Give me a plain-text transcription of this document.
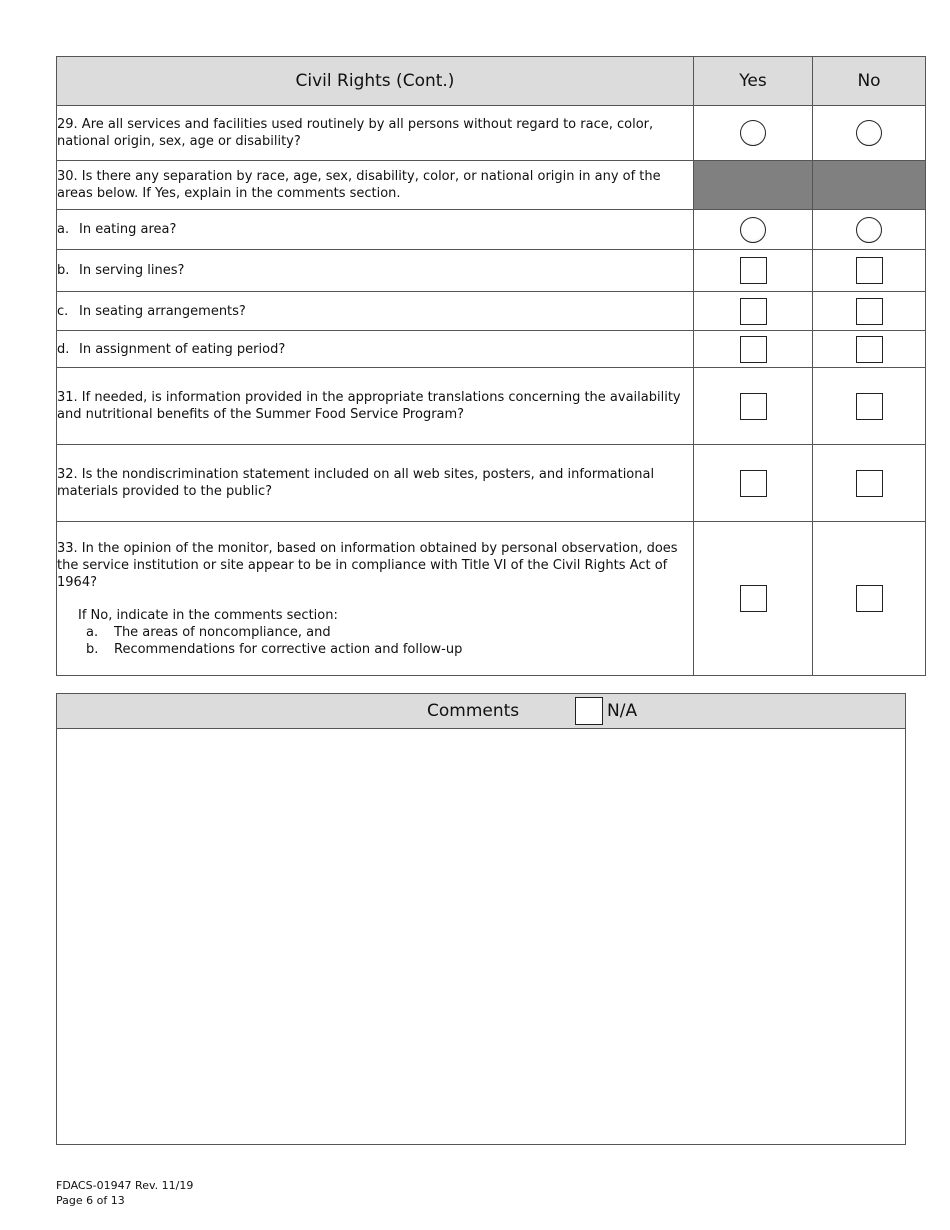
Civil Rights (Cont.)	Yes	No
29. Are all services and facilities used routinely by all persons without regard to race, color, national origin, sex, age or disability?		
30. Is there any separation by race, age, sex, disability, color, or national origin in any of the areas below. If Yes, explain in the comments section.		
a. In eating area?		
b. In serving lines?		
c. In seating arrangements?		
d. In assignment of eating period?		
31. If needed, is information provided in the appropriate translations concerning the availability and nutritional benefits of the Summer Food Service Program?		
32. Is the nondiscrimination statement included on all web sites, posters, and informational materials provided to the public?		

33. In the opinion of the monitor, based on information obtained by personal observation, does the service institution or site appear to be in compliance with Title VI of the Civil Rights Act of 1964?
If No, indicate in the comments section:
a. The areas of noncompliance, and
b. Recommendations for corrective action and follow-up		

Comments	N/A
FDACS-01947 Rev. 11/19
Page 6 of 13
